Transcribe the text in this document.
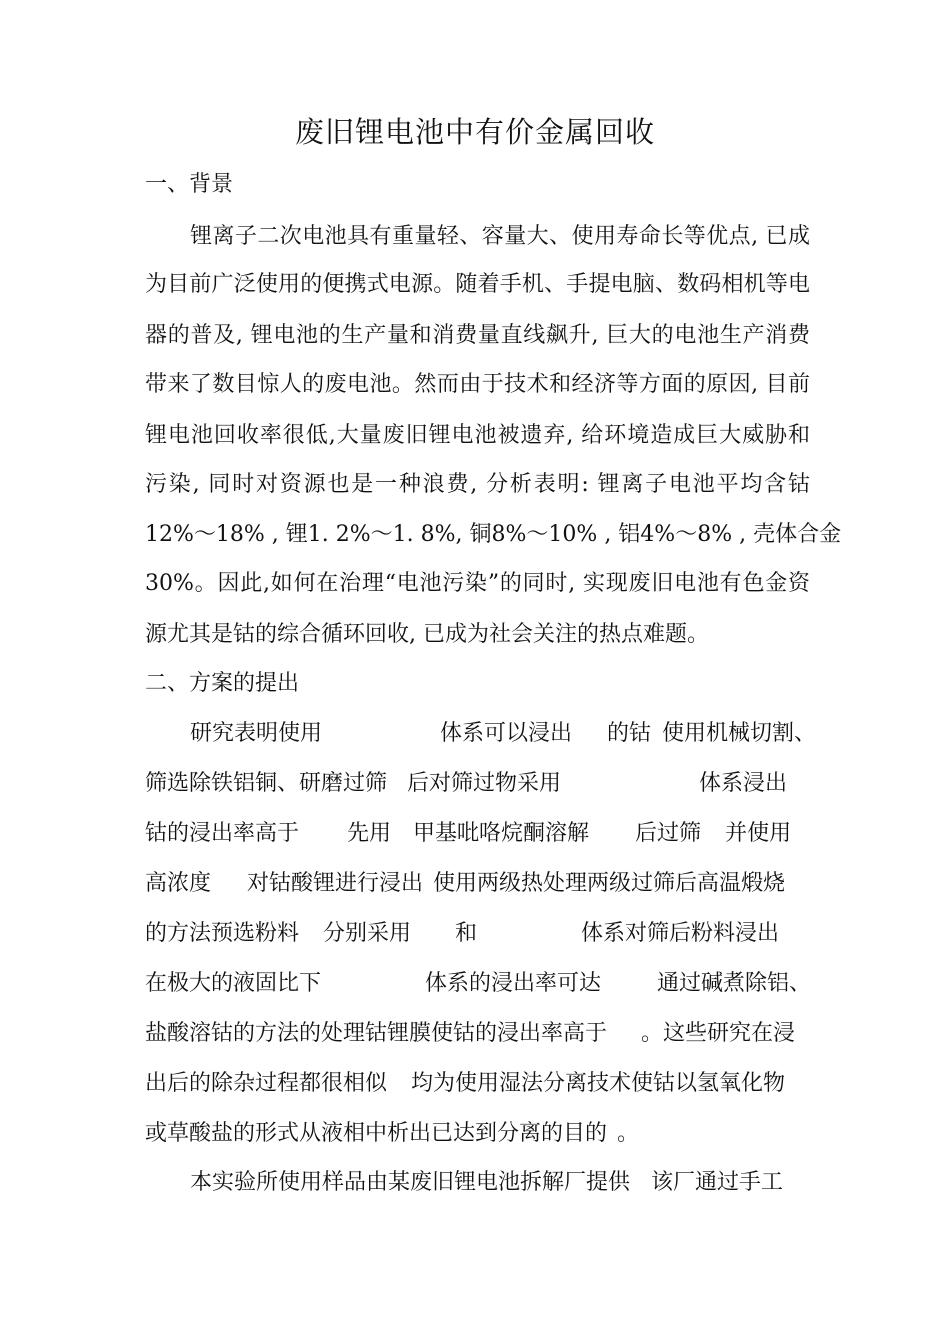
废旧锂电池中有价金属回收
一、背景
锂离子二次电池具有重量轻、容量大、使用寿命长等优点, 已成
为目前广泛使用的便携式电源。随着手机、手提电脑、数码相机等电
器的普及, 锂电池的生产量和消费量直线飙升, 巨大的电池生产消费
带来了数目惊人的废电池。然而由于技术和经济等方面的原因, 目前
锂电池回收率很低,大量废旧锂电池被遗弃, 给环境造成巨大威胁和
污染, 同时对资源也是一种浪费, 分析表明: 锂离子电池平均含钴
12%～18% , 锂1. 2%～1. 8%, 铜8%～10% , 铝4%～8% , 壳体合金
30%。因此,如何在治理“电池污染”的同时, 实现废旧电池有色金资
源尤其是钴的综合循环回收, 已成为社会关注的热点难题。
二、方案的提出
研究表明使用	体系可以浸出 的钴 使用机械切割、
筛选除铁铝铜、研磨过筛 后对筛过物采用	体系浸出
钴的浸出率高于 先用 甲基吡咯烷酮溶解 后过筛 并使用
高浓度 对钴酸锂进行浸出 使用两级热处理两级过筛后高温煅烧
的方法预选粉料 分别采用 和	体系对筛后粉料浸出
在极大的液固比下	体系的浸出率可达	通过碱煮除铝、
盐酸溶钴的方法的处理钴锂膜使钴的浸出率高于 。这些研究在浸
出后的除杂过程都很相似 均为使用湿法分离技术使钴以氢氧化物
或草酸盐的形式从液相中析出已达到分离的目的 。
本实验所使用样品由某废旧锂电池拆解厂提供   该厂通过手工
